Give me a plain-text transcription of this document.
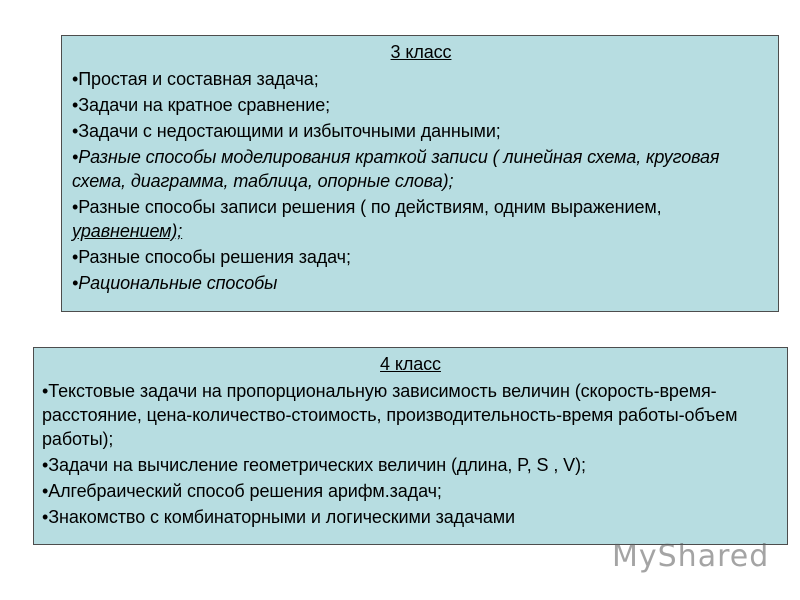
3 класс
•Простая и составная задача;
•Задачи на кратное сравнение;
•Задачи с недостающими и избыточными данными;
•Разные способы моделирования краткой записи ( линейная схема, круговая схема, диаграмма, таблица, опорные слова);
•Разные способы записи решения ( по действиям, одним выражением, уравнением);
•Разные способы решения задач;
•Рациональные способы
4 класс
•Текстовые задачи на пропорциональную зависимость величин (скорость-время-расстояние, цена-количество-стоимость, производительность-время работы-объем работы);
•Задачи на вычисление геометрических величин (длина, P, S , V);
•Алгебраический способ решения арифм.задач;
•Знакомство с комбинаторными и логическими задачами
MyShared
